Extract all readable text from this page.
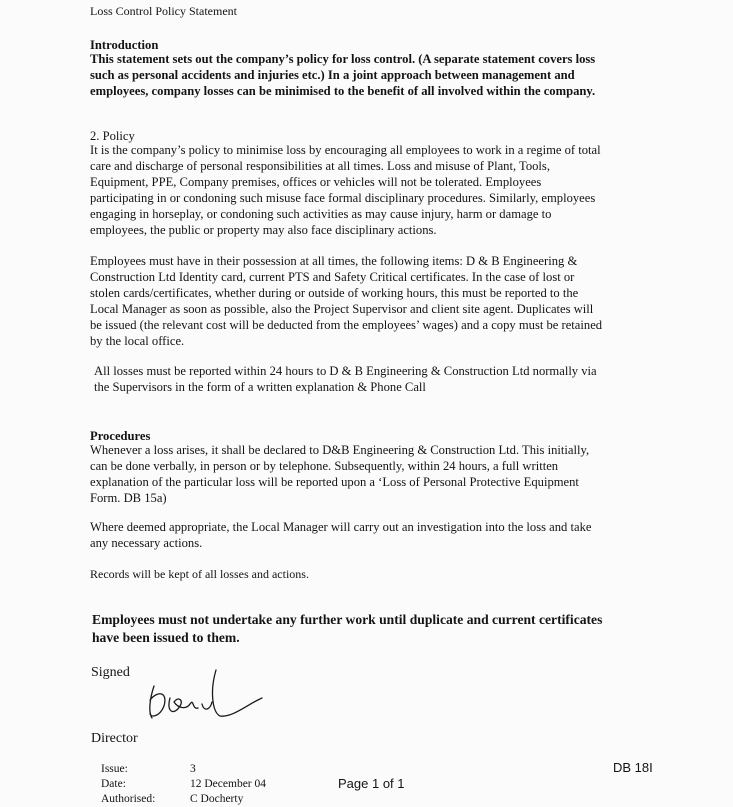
Loss Control Policy Statement
Introduction
This statement sets out the company’s policy for loss control. (A separate statement covers loss
such as personal accidents and injuries etc.) In a joint approach between management and
employees, company losses can be minimised to the benefit of all involved within the company.
2. Policy
It is the company’s policy to minimise loss by encouraging all employees to work in a regime of total
care and discharge of personal responsibilities at all times. Loss and misuse of Plant, Tools,
Equipment, PPE, Company premises, offices or vehicles will not be tolerated. Employees
participating in or condoning such misuse face formal disciplinary procedures. Similarly, employees
engaging in horseplay, or condoning such activities as may cause injury, harm or damage to
employees, the public or property may also face disciplinary actions.
Employees must have in their possession at all times, the following items: D & B Engineering &
Construction Ltd Identity card, current PTS and Safety Critical certificates. In the case of lost or
stolen cards/certificates, whether during or outside of working hours, this must be reported to the
Local Manager as soon as possible, also the Project Supervisor and client site agent. Duplicates will
be issued (the relevant cost will be deducted from the employees’ wages) and a copy must be retained
by the local office.
All losses must be reported within 24 hours to D & B Engineering & Construction Ltd normally via
the Supervisors in the form of a written explanation & Phone Call
Procedures
Whenever a loss arises, it shall be declared to D&B Engineering & Construction Ltd. This initially,
can be done verbally, in person or by telephone. Subsequently, within 24 hours, a full written
explanation of the particular loss will be reported upon a ‘Loss of Personal Protective Equipment
Form. DB 15a)
Where deemed appropriate, the Local Manager will carry out an investigation into the loss and take
any necessary actions.
Records will be kept of all losses and actions.
Employees must not undertake any further work until duplicate and current certificates
have been issued to them.
Signed
Director
Issue:	3
Date:	12 December 04
Authorised:	C Docherty
Page 1 of 1
DB 18I
